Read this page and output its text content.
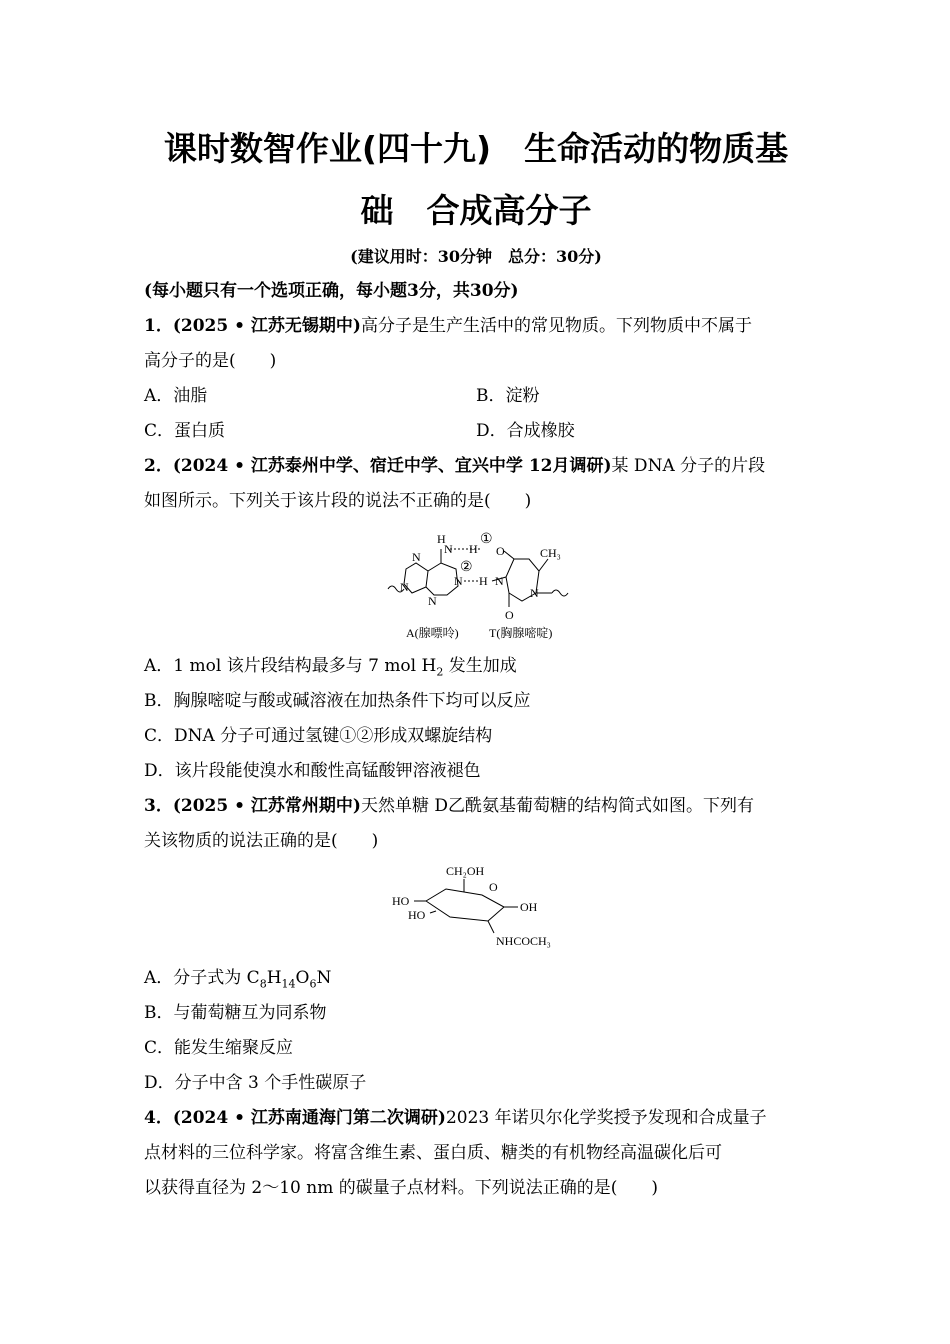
课时数智作业(四十九)　生命活动的物质基
础　合成高分子
(建议用时：30分钟　总分：30分)
(每小题只有一个选项正确，每小题3分，共30分)
1．(2025 • 江苏无锡期中)高分子是生产生活中的常见物质。下列物质中不属于
高分子的是(　　)
A．油脂	B．淀粉
C．蛋白质	D．合成橡胶
2．(2024 • 江苏泰州中学、宿迁中学、宜兴中学 12月调研)某 DNA 分子的片段
如图所示。下列关于该片段的说法不正确的是(　　)
H
N H
①
O	CH₃
N
N	N
②
H N
N
O
N
A(腺嘌呤)	T(胸腺嘧啶)
A．1 mol 该片段结构最多与 7 mol $H_2$ 发生加成
B．胸腺嘧啶与酸或碱溶液在加热条件下均可以反应
C．DNA 分子可通过氢键①②形成双螺旋结构
D．该片段能使溴水和酸性高锰酸钾溶液褪色
3．(2025 • 江苏常州期中)天然单糖 D乙酰氨基葡萄糖的结构简式如图。下列有
关该物质的说法正确的是(　　)
CH₂OH
O
HO
HO
OH
NHCOCH₃
A．分子式为 $C_8H_{14}O_6N$
B．与葡萄糖互为同系物
C．能发生缩聚反应
D．分子中含 3 个手性碳原子
4．(2024 • 江苏南通海门第二次调研)2023 年诺贝尔化学奖授予发现和合成量子
点材料的三位科学家。将富含维生素、蛋白质、糖类的有机物经高温碳化后可
以获得直径为 2～10 nm 的碳量子点材料。下列说法正确的是(　　)
